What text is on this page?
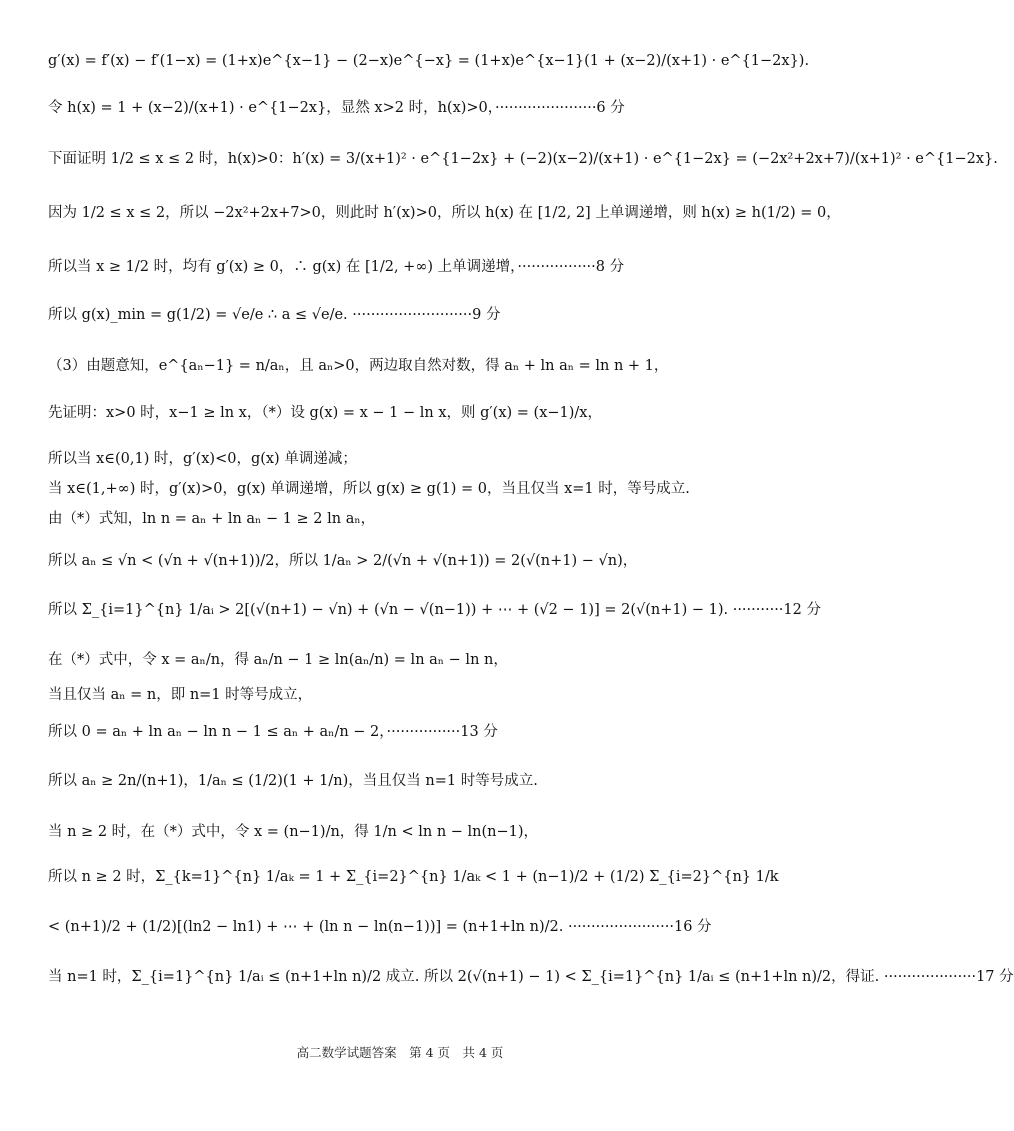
g′(x) = f′(x) − f′(1−x) = (1+x)e^{x−1} − (2−x)e^{−x} = (1+x)e^{x−1}(1 + (x−2)/(x+1) · e^{1−2x}).
令 h(x) = 1 + (x−2)/(x+1) · e^{1−2x}，显然 x>2 时，h(x)>0，······················6 分
下面证明 1/2 ≤ x ≤ 2 时，h(x)>0：h′(x) = 3/(x+1)² · e^{1−2x} + (−2)(x−2)/(x+1) · e^{1−2x} = (−2x²+2x+7)/(x+1)² · e^{1−2x}.
因为 1/2 ≤ x ≤ 2，所以 −2x²+2x+7>0，则此时 h′(x)>0，所以 h(x) 在 [1/2, 2] 上单调递增，则 h(x) ≥ h(1/2) = 0，
所以当 x ≥ 1/2 时，均有 g′(x) ≥ 0，∴ g(x) 在 [1/2, +∞) 上单调递增，·················8 分
所以 g(x)_min = g(1/2) = √e/e ∴ a ≤ √e/e. ··························9 分
（3）由题意知，e^{aₙ−1} = n/aₙ，且 aₙ>0，两边取自然对数，得 aₙ + ln aₙ = ln n + 1，
先证明：x>0 时，x−1 ≥ ln x，（*）设 g(x) = x − 1 − ln x，则 g′(x) = (x−1)/x，
所以当 x∈(0,1) 时，g′(x)<0，g(x) 单调递减；
当 x∈(1,+∞) 时，g′(x)>0，g(x) 单调递增，所以 g(x) ≥ g(1) = 0，当且仅当 x=1 时，等号成立.
由（*）式知，ln n = aₙ + ln aₙ − 1 ≥ 2 ln aₙ，
所以 aₙ ≤ √n < (√n + √(n+1))/2，所以 1/aₙ > 2/(√n + √(n+1)) = 2(√(n+1) − √n)，
所以 Σ_{i=1}^{n} 1/aᵢ > 2[(√(n+1) − √n) + (√n − √(n−1)) + ⋯ + (√2 − 1)] = 2(√(n+1) − 1). ···········12 分
在（*）式中，令 x = aₙ/n，得 aₙ/n − 1 ≥ ln(aₙ/n) = ln aₙ − ln n，
当且仅当 aₙ = n，即 n=1 时等号成立，
所以 0 = aₙ + ln aₙ − ln n − 1 ≤ aₙ + aₙ/n − 2，················13 分
所以 aₙ ≥ 2n/(n+1)，1/aₙ ≤ (1/2)(1 + 1/n)，当且仅当 n=1 时等号成立.
当 n ≥ 2 时，在（*）式中，令 x = (n−1)/n，得 1/n < ln n − ln(n−1)，
所以 n ≥ 2 时，Σ_{k=1}^{n} 1/aₖ = 1 + Σ_{i=2}^{n} 1/aₖ < 1 + (n−1)/2 + (1/2) Σ_{i=2}^{n} 1/k
< (n+1)/2 + (1/2)[(ln2 − ln1) + ⋯ + (ln n − ln(n−1))] = (n+1+ln n)/2. ·······················16 分
当 n=1 时，Σ_{i=1}^{n} 1/aᵢ ≤ (n+1+ln n)/2 成立. 所以 2(√(n+1) − 1) < Σ_{i=1}^{n} 1/aᵢ ≤ (n+1+ln n)/2，得证. ····················17 分
高二数学试题答案　第 4 页　共 4 页
